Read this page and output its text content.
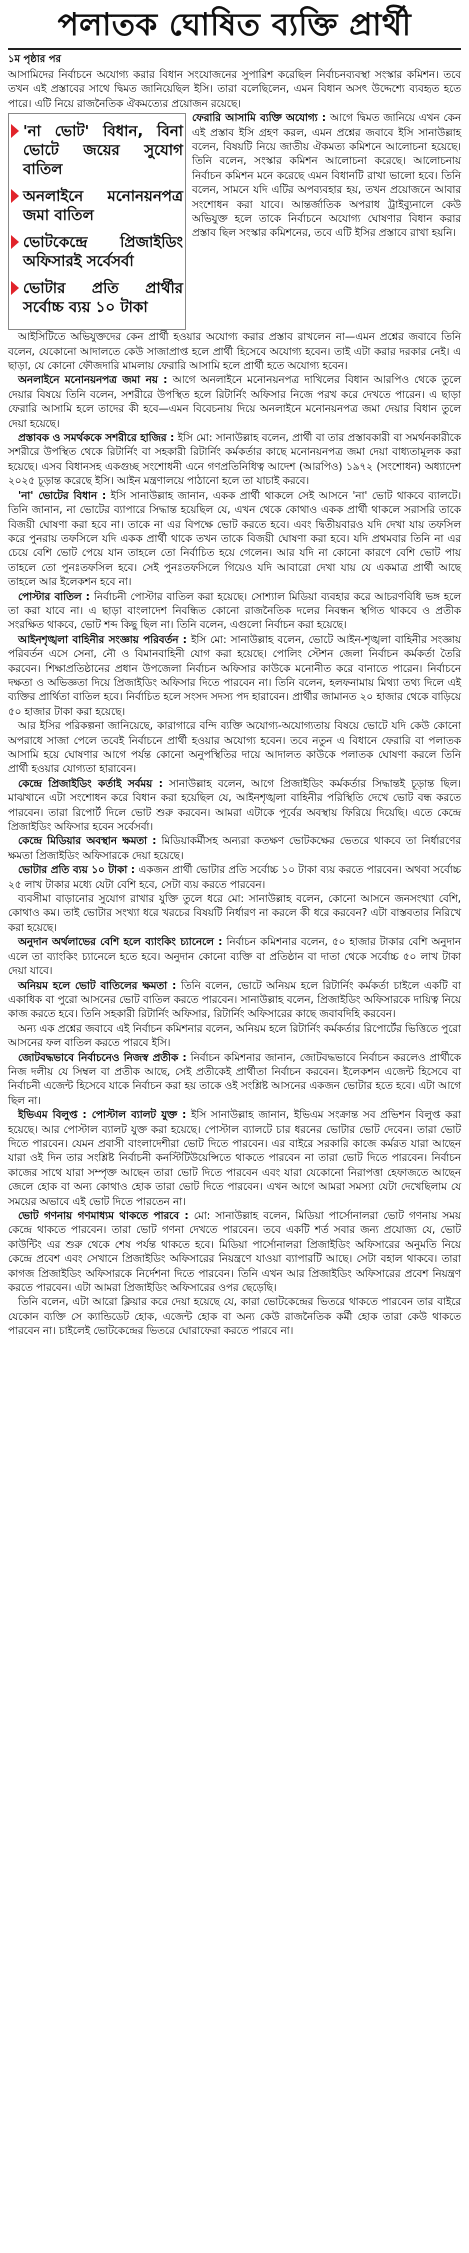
পলাতক ঘোষিত ব্যক্তি প্রার্থী
১ম পৃষ্ঠার পর

আসামিদের নির্বাচনে অযোগ্য করার বিধান সংযোজনের সুপারিশ করেছিল নির্বাচনব্যবস্থা সংস্কার কমিশন। তবে তখন এই প্রস্তাবের সাথে দ্বিমত জানিয়েছিল ইসি। তারা বলেছিলেন, এমন বিধান অসৎ উদ্দেশ্যে ব্যবহৃত হতে পারে। এটি নিয়ে রাজনৈতিক ঐকমত্যের প্রয়োজন রয়েছে।

'না ভোট' বিধান, বিনা ভোটে জয়ের সুযোগ বাতিল
অনলাইনে মনোনয়নপত্র জমা বাতিল
ভোটকেন্দ্রে প্রিজাইডিং অফিসারই সর্বেসর্বা
ভোটার প্রতি প্রার্থীর সর্বোচ্চ ব্যয় ১০ টাকা

ফেরারি আসামি ব্যক্তি অযোগ্য : আগে দ্বিমত জানিয়ে এখন কেন এই প্রস্তাব ইসি গ্রহণ করল, এমন প্রশ্নের জবাবে ইসি সানাউল্লাহ বলেন, বিষয়টি নিয়ে জাতীয় ঐকমত্য কমিশনে আলোচনা হয়েছে। তিনি বলেন, সংস্কার কমিশন আলোচনা করেছে। আলোচনায় নির্বাচন কমিশন মনে করেছে এমন বিধানটি রাখা ভালো হবে। তিনি বলেন, সামনে যদি এটির অপব্যবহার হয়, তখন প্রয়োজনে আবার সংশোধন করা যাবে। আন্তর্জাতিক অপরাধ ট্রাইব্যুনালে কেউ অভিযুক্ত হলে তাকে নির্বাচনে অযোগ্য ঘোষণার বিধান করার প্রস্তাব ছিল সংস্কার কমিশনের, তবে এটি ইসির প্রস্তাবে রাখা হয়নি।

আইসিটিতে অভিযুক্তদের কেন প্রার্থী হওয়ার অযোগ্য করার প্রস্তাব রাখলেন না—এমন প্রশ্নের জবাবে তিনি বলেন, যেকোনো আদালতে কেউ সাজাপ্রাপ্ত হলে প্রার্থী হিসেবে অযোগ্য হবেন। তাই এটা করার দরকার নেই। এ ছাড়া, যে কোনো ফৌজদারি মামলায় ফেরারি আসামি হলে প্রার্থী হতে অযোগ্য হবেন।

অনলাইনে মনোনয়নপত্র জমা নয় : আগে অনলাইনে মনোনয়নপত্র দাখিলের বিধান আরপিও থেকে তুলে দেয়ার বিষয়ে তিনি বলেন, সশরীরে উপস্থিত হলে রিটার্নিং অফিসার নিজে পরখ করে দেখতে পারেন। এ ছাড়া ফেরারি আসামি হলে তাদের কী হবে—এমন বিবেচনায় দিয়ে অনলাইনে মনোনয়নপত্র জমা দেয়ার বিধান তুলে দেয়া হয়েছে।

প্রস্তাবক ও সমর্থককে সশরীরে হাজির : ইসি মো: সানাউল্লাহ বলেন, প্রার্থী বা তার প্রস্তাবকারী বা সমর্থনকারীকে সশরীরে উপস্থিত থেকে রিটার্নিং বা সহকারী রিটার্নিং কর্মকর্তার কাছে মনোনয়নপত্র জমা দেয়া বাধ্যতামূলক করা হয়েছে। এসব বিধানসহ একগুচ্ছ সংশোধনী এনে গণপ্রতিনিধিত্ব আদেশ (আরপিও) ১৯৭২ (সংশোধন) অধ্যাদেশ ২০২৫ চূড়ান্ত করেছে ইসি। আইন মন্ত্রণালয়ে পাঠানো হলে তা যাচাই করবে।

'না' ভোটের বিধান : ইসি সানাউল্লাহ জানান, একক প্রার্থী থাকলে সেই আসনে 'না' ভোট থাকবে ব্যালটে। তিনি জানান, না ভোটের ব্যাপারে সিদ্ধান্ত হয়েছিল যে, এখন থেকে কোথাও একক প্রার্থী থাকলে সরাসরি তাকে বিজয়ী ঘোষণা করা হবে না। তাকে না এর বিপক্ষে ভোট করতে হবে। এবং দ্বিতীয়বারও যদি দেখা যায় তফসিল করে পুনরায় তফসিলে যদি একক প্রার্থী থাকে তখন তাকে বিজয়ী ঘোষণা করা হবে। যদি প্রথমবার তিনি না এর চেয়ে বেশি ভোট পেয়ে যান তাহলে তো নির্বাচিত হয়ে গেলেন। আর যদি না কোনো কারণে বেশি ভোট পায় তাহলে তো পুনঃতফসিল হবে। সেই পুনঃতফসিলে গিয়েও যদি আবারো দেখা যায় যে একমাত্র প্রার্থী আছে তাহলে আর ইলেকশন হবে না।

পোস্টার বাতিল : নির্বাচনী পোস্টার বাতিল করা হয়েছে। সোশ্যাল মিডিয়া ব্যবহার করে আচরণবিধি ভঙ্গ হলে তা করা যাবে না। এ ছাড়া বাংলাদেশ নিবন্ধিত কোনো রাজনৈতিক দলের নিবন্ধন স্থগিত থাকবে ও প্রতীক সংরক্ষিত থাকবে, ভোট শব্দ কিছু ছিল না। তিনি বলেন, এগুলো নির্বাচন করা হয়েছে।

আইনশৃঙ্খলা বাহিনীর সংজ্ঞায় পরিবর্তন : ইসি মো: সানাউল্লাহ বলেন, ভোটে আইন-শৃঙ্খলা বাহিনীর সংজ্ঞায় পরিবর্তন এসে সেনা, নৌ ও বিমানবাহিনী যোগ করা হয়েছে। পোলিং স্টেশন জেলা নির্বাচন কর্মকর্তা তৈরি করবেন। শিক্ষাপ্রতিষ্ঠানের প্রধান উপজেলা নির্বাচন অফিসার কাউকে মনোনীত করে বানাতে পারেন। নির্বাচনে দক্ষতা ও অভিজ্ঞতা দিয়ে প্রিজাইডিং অফিসার দিতে পারবেন না। তিনি বলেন, হলফনামায় মিথ্যা তথ্য দিলে এই ব্যক্তির প্রার্থিতা বাতিল হবে। নির্বাচিত হলে সংসদ সদস্য পদ হারাবেন। প্রার্থীর জামানত ২০ হাজার থেকে বাড়িয়ে ৫০ হাজার টাকা করা হয়েছে।

আর ইসির পরিকল্পনা জানিয়েছে, কারাগারে বন্দি ব্যক্তি অযোগ্য-অযোগ্যতায় বিষয়ে ভোটে যদি কেউ কোনো অপরাধে সাজা পেলে তবেই নির্বাচনে প্রার্থী হওয়ার অযোগ্য হবেন। তবে নতুন এ বিধানে ফেরারি বা পলাতক আসামি হয়ে ঘোষণার আগে পর্যন্ত কোনো অনুপস্থিতির দায়ে আদালত কাউকে পলাতক ঘোষণা করলে তিনি প্রার্থী হওয়ার যোগ্যতা হারাবেন।

কেন্দ্রে প্রিজাইডিং কর্তাই সর্বময় : সানাউল্লাহ বলেন, আগে প্রিজাইডিং কর্মকর্তার সিদ্ধান্তই চূড়ান্ত ছিল। মাঝখানে এটা সংশোধন করে বিধান করা হয়েছিল যে, আইনশৃঙ্খলা বাহিনীর পরিস্থিতি দেখে ভোট বন্ধ করতে পারবেন। তারা রিপোর্ট দিলে ভোট শুরু করবেন। আমরা এটাকে পূর্বের অবস্থায় ফিরিয়ে দিয়েছি। এতে কেন্দ্রে প্রিজাইডিং অফিসার হবেন সর্বেসর্বা।

কেন্দ্রে মিডিয়ার অবস্থান ক্ষমতা : মিডিয়াকর্মীসহ অন্যরা কতক্ষণ ভোটকক্ষের ভেতরে থাকবে তা নির্ধারণের ক্ষমতা প্রিজাইডিং অফিসারকে দেয়া হয়েছে।

ভোটার প্রতি ব্যয় ১০ টাকা : একজন প্রার্থী ভোটার প্রতি সর্বোচ্চ ১০ টাকা ব্যয় করতে পারবেন। অথবা সর্বোচ্চ ২৫ লাখ টাকার মধ্যে যেটা বেশি হবে, সেটা ব্যয় করতে পারবেন।

ব্যবসীমা বাড়ানোর সুযোগ রাখার যুক্তি তুলে ধরে মো: সানাউল্লাহ বলেন, কোনো আসনে জনসংখ্যা বেশি, কোথাও কম। তাই ভোটার সংখ্যা ধরে খরচের বিষয়টি নির্ধারণ না করলে কী ধরে করবেন? এটা বাস্তবতার নিরিখে করা হয়েছে।

অনুদান অর্থলাভের বেশি হলে ব্যাংকিং চ্যানেলে : নির্বাচন কমিশনার বলেন, ৫০ হাজার টাকার বেশি অনুদান এলে তা ব্যাংকিং চ্যানেলে হতে হবে। অনুদান কোনো ব্যক্তি বা প্রতিষ্ঠান বা দাতা থেকে সর্বোচ্চ ৫০ লাখ টাকা দেয়া যাবে।

অনিয়ম হলে ভোট বাতিলের ক্ষমতা : তিনি বলেন, ভোটে অনিয়ম হলে রিটার্নিং কর্মকর্তা চাইলে একটি বা একাধিক বা পুরো আসনের ভোট বাতিল করতে পারবেন। সানাউল্লাহ বলেন, প্রিজাইডিং অফিসারকে দায়িত্ব নিয়ে কাজ করতে হবে। তিনি সহকারী রিটার্নিং অফিসার, রিটার্নিং অফিসারের কাছে জবাবদিহি করবেন।

অন্য এক প্রশ্নের জবাবে এই নির্বাচন কমিশনার বলেন, অনিয়ম হলে রিটার্নিং কর্মকর্তার রিপোর্টের ভিত্তিতে পুরো আসনের ফল বাতিল করতে পারবে ইসি।

জোটবদ্ধভাবে নির্বাচনেও নিজস্ব প্রতীক : নির্বাচন কমিশনার জানান, জোটবদ্ধভাবে নির্বাচন করলেও প্রার্থীকে নিজ দলীয় যে সিম্বল বা প্রতীক আছে, সেই প্রতীকেই প্রার্থীতা নির্বাচন করবেন। ইলেকশন এজেন্ট হিসেবে বা নির্বাচনী এজেন্ট হিসেবে যাকে নির্বাচন করা হয় তাকে ওই সংশ্লিষ্ট আসনের একজন ভোটার হতে হবে। এটা আগে ছিল না।

ইভিএম বিলুপ্ত : পোস্টাল ব্যালট যুক্ত : ইসি সানাউল্লাহ জানান, ইভিএম সংক্রান্ত সব প্রভিশন বিলুপ্ত করা হয়েছে। আর পোস্টাল ব্যালট যুক্ত করা হয়েছে। পোস্টাল ব্যালটে চার ধরনের ভোটার ভোট দেবেন। তারা ভোট দিতে পারবেন। যেমন প্রবাসী বাংলাদেশীরা ভোট দিতে পারবেন। এর বাইরে সরকারি কাজে কর্মরত যারা আছেন যারা ওই দিন তার সংশ্লিষ্ট নির্বাচনী কনস্টিটিউয়েন্সিতে থাকতে পারবেন না তারা ভোট দিতে পারবেন। নির্বাচন কাজের সাথে যারা সম্পৃক্ত আছেন তারা ভোট দিতে পারবেন এবং যারা যেকোনো নিরাপত্তা হেফাজতে আছেন জেলে হোক বা অন্য কোথাও হোক তারা ভোট দিতে পারবেন। এখন আগে আমরা সমস্যা যেটা দেখেছিলাম যে সময়ের অভাবে এই ভোট দিতে পারতেন না।

ভোট গণনায় গণমাধ্যম থাকতে পারবে : মো: সানাউল্লাহ বলেন, মিডিয়া পার্সোনালরা ভোট গণনায় সময় কেন্দ্রে থাকতে পারবেন। তারা ভোট গণনা দেখতে পারবেন। তবে একটি শর্ত সবার জন্য প্রযোজ্য যে, ভোট কাউন্টিং এর শুরু থেকে শেষ পর্যন্ত থাকতে হবে। মিডিয়া পার্সোনালরা প্রিজাইডিং অফিসারের অনুমতি নিয়ে কেন্দ্রে প্রবেশ এবং সেখানে প্রিজাইডিং অফিসারের নিয়ন্ত্রণে যাওয়া ব্যাপারটি আছে। সেটা বহাল থাকবে। তারা কাগজ প্রিজাইডিং অফিসারকে নির্দেশনা দিতে পারবেন। তিনি এখন আর প্রিজাইডিং অফিসারের প্রবেশ নিয়ন্ত্রণ করতে পারবেন। এটা আমরা প্রিজাইডিং অফিসারের ওপর ছেড়েছি।

তিনি বলেন, এটা আরো ক্লিয়ার করে দেয়া হয়েছে যে, কারা ভোটকেন্দ্রের ভিতরে থাকতে পারবেন তার বাইরে যেকোন ব্যক্তি সে ক্যান্ডিডেট হোক, এজেন্ট হোক বা অন্য কেউ রাজনৈতিক কর্মী হোক তারা কেউ থাকতে পারবেন না। চাইলেই ভোটকেন্দ্রের ভিতরে ঘোরাফেরা করতে পারবে না।
